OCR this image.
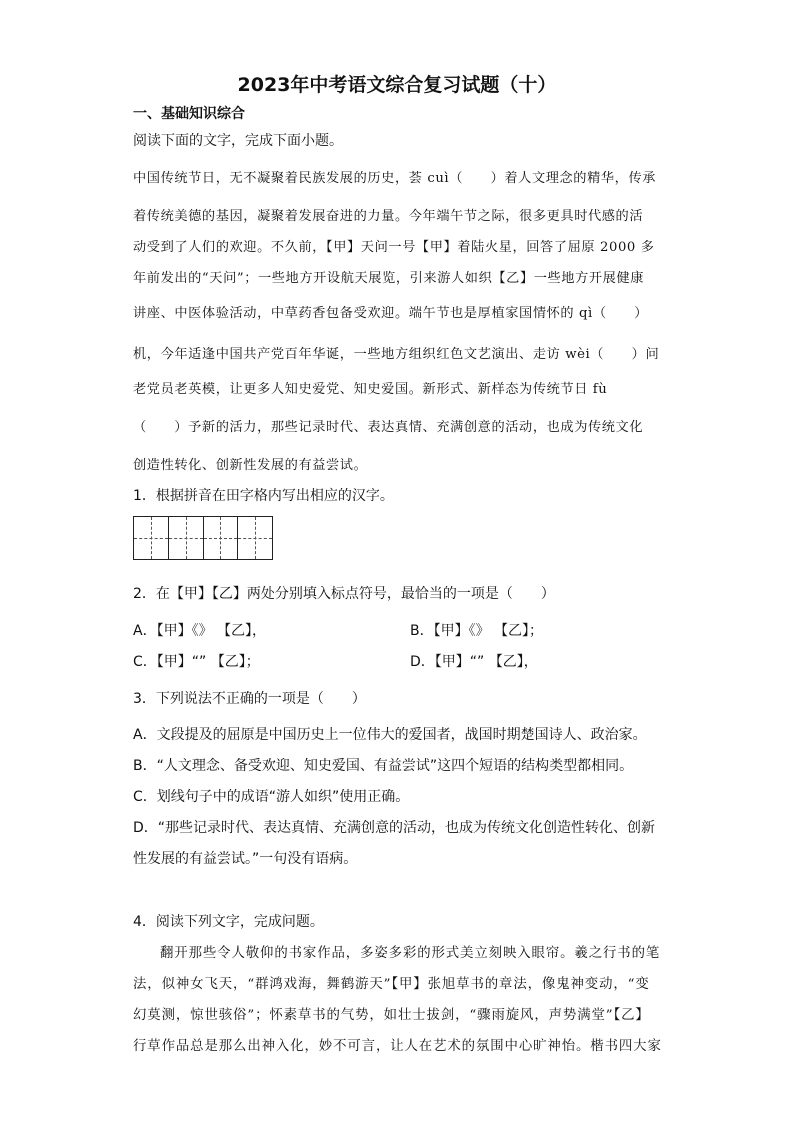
2023年中考语文综合复习试题（十）
一、基础知识综合
阅读下面的文字，完成下面小题。
中国传统节日，无不凝聚着民族发展的历史，荟 cuì（　　）着人文理念的精华，传承
着传统美德的基因，凝聚着发展奋进的力量。今年端午节之际，很多更具时代感的活
动受到了人们的欢迎。不久前，【甲】天问一号【甲】着陆火星，回答了屈原 2000 多
年前发出的“天问”；一些地方开设航天展览，引来游人如织【乙】一些地方开展健康
讲座、中医体验活动，中草药香包备受欢迎。端午节也是厚植家国情怀的 qì（　　）
机，今年适逢中国共产党百年华诞，一些地方组织红色文艺演出、走访 wèi（　　）问
老党员老英模，让更多人知史爱党、知史爱国。新形式、新样态为传统节日 fù
（　　）予新的活力，那些记录时代、表达真情、充满创意的活动，也成为传统文化
创造性转化、创新性发展的有益尝试。
1．根据拼音在田字格内写出相应的汉字。
2．在【甲】【乙】两处分别填入标点符号，最恰当的一项是（　　）
A．【甲】《》 【乙】，	B．【甲】《》 【乙】；
C．【甲】“” 【乙】；	D．【甲】“” 【乙】，
3．下列说法不正确的一项是（　　）
A．文段提及的屈原是中国历史上一位伟大的爱国者，战国时期楚国诗人、政治家。
B．“人文理念、备受欢迎、知史爱国、有益尝试”这四个短语的结构类型都相同。
C．划线句子中的成语“游人如织”使用正确。
D．“那些记录时代、表达真情、充满创意的活动，也成为传统文化创造性转化、创新
性发展的有益尝试。”一句没有语病。
4．阅读下列文字，完成问题。
翻开那些令人敬仰的书家作品，多姿多彩的形式美立刻映入眼帘。羲之行书的笔
法，似神女飞天，“群鸿戏海，舞鹤游天”【甲】张旭草书的章法，像鬼神变动，“变
幻莫测，惊世骇俗”；怀素草书的气势，如壮士拔剑，“骤雨旋风，声势满堂”【乙】
行草作品总是那么出神入化，妙不可言，让人在艺术的氛围中心旷神怡。楷书四大家
